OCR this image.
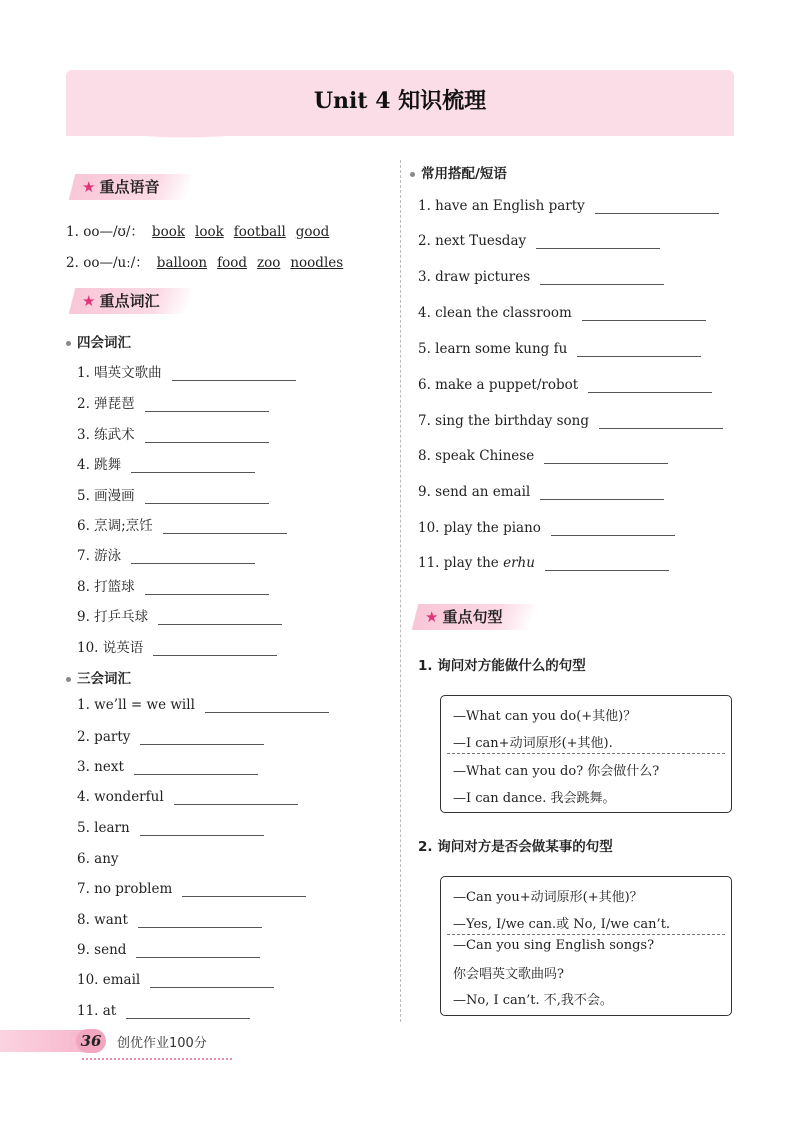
Unit 4 知识梳理
★ 重点语音
1. oo—/ʊ/： book look football good
2. oo—/uː/： balloon food zoo noodles
★ 重点词汇
四会词汇
1. 唱英文歌曲
2. 弹琵琶
3. 练武术
4. 跳舞
5. 画漫画
6. 烹调;烹饪
7. 游泳
8. 打篮球
9. 打乒乓球
10. 说英语
三会词汇
1. we’ll = we will
2. party
3. next
4. wonderful
5. learn
6. any
7. no problem
8. want
9. send
10. email
11. at
常用搭配/短语
1. have an English party
2. next Tuesday
3. draw pictures
4. clean the classroom
5. learn some kung fu
6. make a puppet/robot
7. sing the birthday song
8. speak Chinese
9. send an email
10. play the piano
11. play the erhu
★ 重点句型
1. 询问对方能做什么的句型
—What can you do(+其他)？
—I can+动词原形(+其他).
—What can you do? 你会做什么?
—I can dance. 我会跳舞。
2. 询问对方是否会做某事的句型
—Can you+动词原形(+其他)？
—Yes, I/we can.或 No, I/we can’t.
—Can you sing English songs?
你会唱英文歌曲吗?
—No, I can’t. 不,我不会。
36	创优作业100分
